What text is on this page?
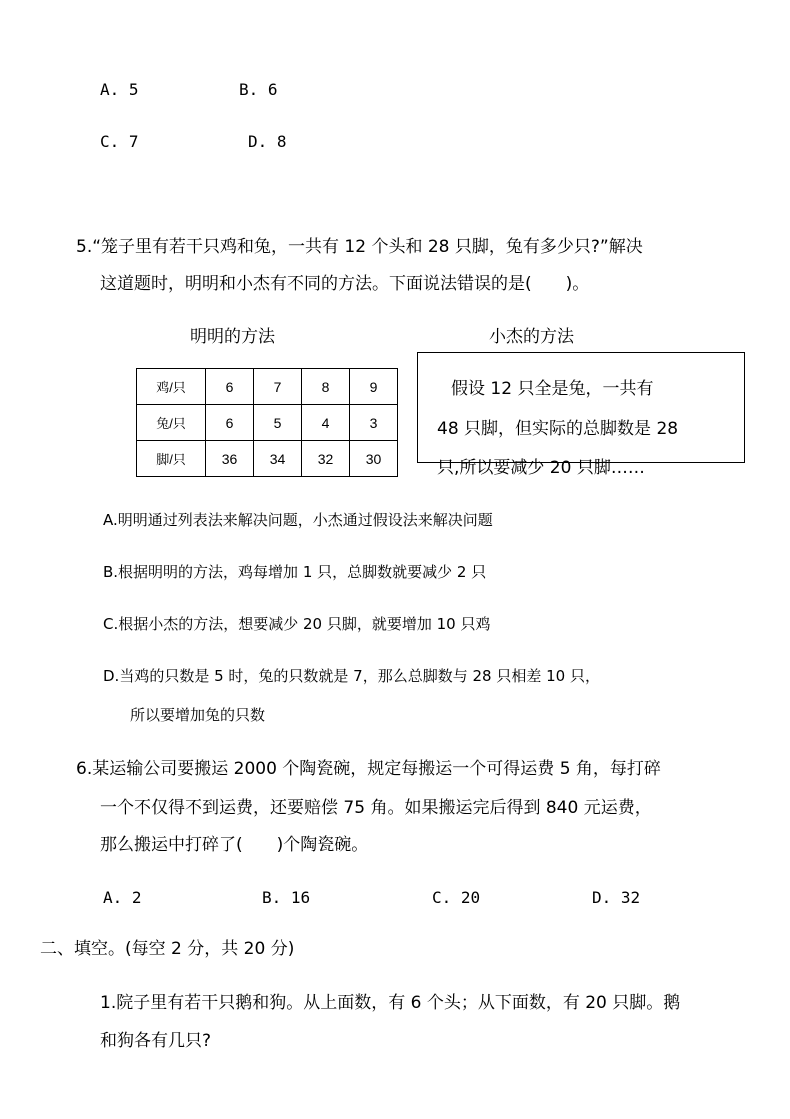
A. 5	B. 6
C. 7	D. 8
5.“笼子里有若干只鸡和兔，一共有 12 个头和 28 只脚，兔有多少只?”解决
这道题时，明明和小杰有不同的方法。下面说法错误的是(　　)。
明明的方法	小杰的方法
鸡/只	6	7	8	9
兔/只	6	5	4	3
脚/只	36	34	32	30
假设 12 只全是兔，一共有
48 只脚，但实际的总脚数是 28
只,所以要减少 20 只脚……
A.明明通过列表法来解决问题，小杰通过假设法来解决问题
B.根据明明的方法，鸡每增加 1 只，总脚数就要减少 2 只
C.根据小杰的方法，想要减少 20 只脚，就要增加 10 只鸡
D.当鸡的只数是 5 时，兔的只数就是 7，那么总脚数与 28 只相差 10 只，
所以要增加兔的只数
6.某运输公司要搬运 2000 个陶瓷碗，规定每搬运一个可得运费 5 角，每打碎
一个不仅得不到运费，还要赔偿 75 角。如果搬运完后得到 840 元运费，
那么搬运中打碎了(　　)个陶瓷碗。
A. 2	B. 16	C. 20	D. 32
二、填空。(每空 2 分，共 20 分)
1.院子里有若干只鹅和狗。从上面数，有 6 个头；从下面数，有 20 只脚。鹅
和狗各有几只?
